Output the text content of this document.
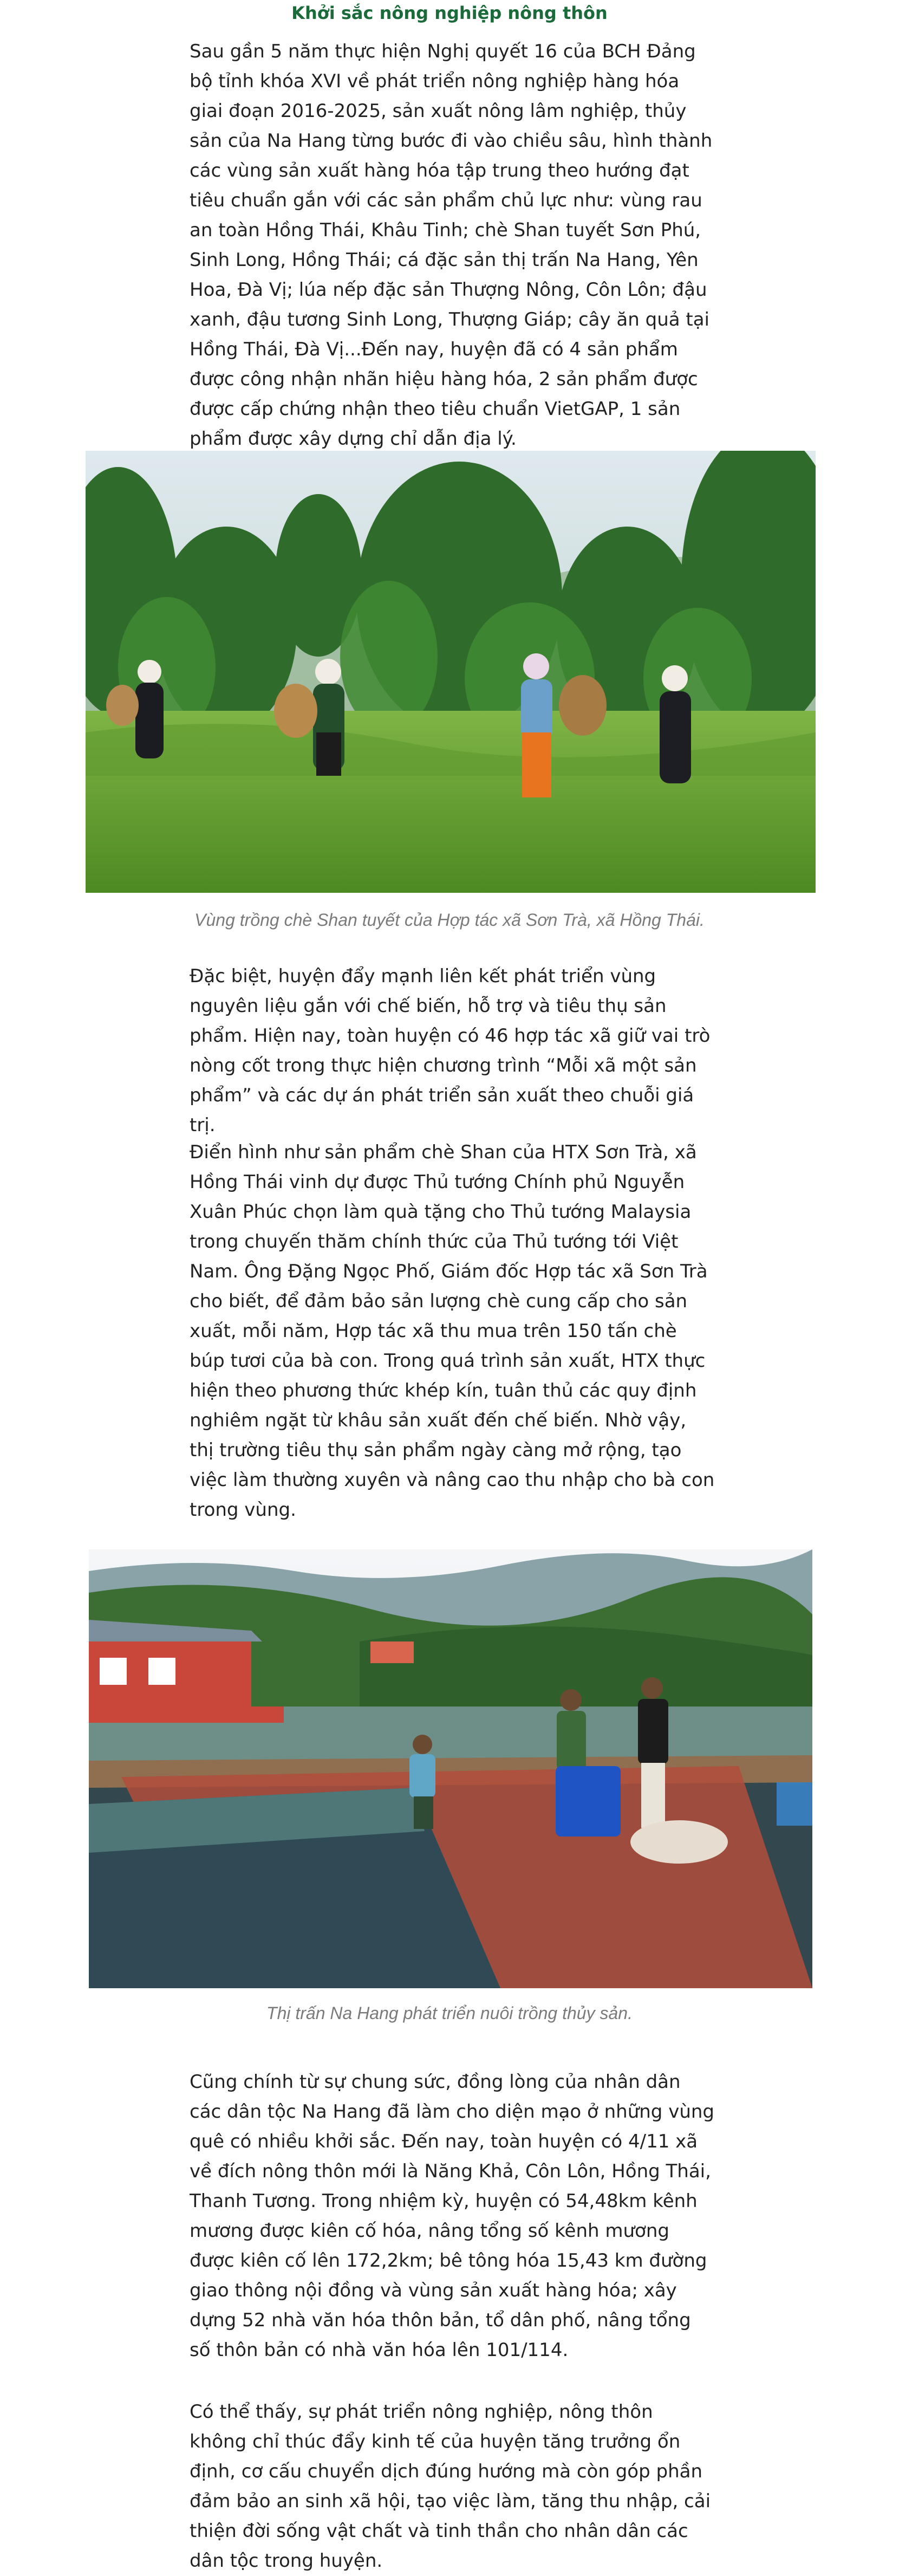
Khởi sắc nông nghiệp nông thôn

Sau gần 5 năm thực hiện Nghị quyết 16 của BCH Đảng bộ tỉnh khóa XVI về phát triển nông nghiệp hàng hóa giai đoạn 2016-2025, sản xuất nông lâm nghiệp, thủy sản của Na Hang từng bước đi vào chiều sâu, hình thành các vùng sản xuất hàng hóa tập trung theo hướng đạt tiêu chuẩn gắn với các sản phẩm chủ lực như: vùng rau an toàn Hồng Thái, Khâu Tinh; chè Shan tuyết Sơn Phú, Sinh Long, Hồng Thái; cá đặc sản thị trấn Na Hang, Yên Hoa, Đà Vị; lúa nếp đặc sản Thượng Nông, Côn Lôn; đậu xanh, đậu tương Sinh Long, Thượng Giáp; cây ăn quả tại Hồng Thái, Đà Vị...Đến nay, huyện đã có 4 sản phẩm được công nhận nhãn hiệu hàng hóa, 2 sản phẩm được được cấp chứng nhận theo tiêu chuẩn VietGAP, 1 sản phẩm được xây dựng chỉ dẫn địa lý.

Vùng trồng chè Shan tuyết của Hợp tác xã Sơn Trà, xã Hồng Thái.

Đặc biệt, huyện đẩy mạnh liên kết phát triển vùng nguyên liệu gắn với chế biến, hỗ trợ và tiêu thụ sản phẩm. Hiện nay, toàn huyện có 46 hợp tác xã giữ vai trò nòng cốt trong thực hiện chương trình “Mỗi xã một sản phẩm” và các dự án phát triển sản xuất theo chuỗi giá trị.

Điển hình như sản phẩm chè Shan của HTX Sơn Trà, xã Hồng Thái vinh dự được Thủ tướng Chính phủ Nguyễn Xuân Phúc chọn làm quà tặng cho Thủ tướng Malaysia trong chuyến thăm chính thức của Thủ tướng tới Việt Nam. Ông Đặng Ngọc Phố, Giám đốc Hợp tác xã Sơn Trà cho biết, để đảm bảo sản lượng chè cung cấp cho sản xuất, mỗi năm, Hợp tác xã thu mua trên 150 tấn chè búp tươi của bà con. Trong quá trình sản xuất, HTX thực hiện theo phương thức khép kín, tuân thủ các quy định nghiêm ngặt từ khâu sản xuất đến chế biến. Nhờ vậy, thị trường tiêu thụ sản phẩm ngày càng mở rộng, tạo việc làm thường xuyên và nâng cao thu nhập cho bà con trong vùng.

Thị trấn Na Hang phát triển nuôi trồng thủy sản.

Cũng chính từ sự chung sức, đồng lòng của nhân dân các dân tộc Na Hang đã làm cho diện mạo ở những vùng quê có nhiều khởi sắc. Đến nay, toàn huyện có 4/11 xã về đích nông thôn mới là Năng Khả, Côn Lôn, Hồng Thái, Thanh Tương. Trong nhiệm kỳ, huyện có 54,48km kênh mương được kiên cố hóa, nâng tổng số kênh mương được kiên cố lên 172,2km; bê tông hóa 15,43 km đường giao thông nội đồng và vùng sản xuất hàng hóa; xây dựng 52 nhà văn hóa thôn bản, tổ dân phố, nâng tổng số thôn bản có nhà văn hóa lên 101/114.

Có thể thấy, sự phát triển nông nghiệp, nông thôn không chỉ thúc đẩy kinh tế của huyện tăng trưởng ổn định, cơ cấu chuyển dịch đúng hướng mà còn góp phần đảm bảo an sinh xã hội, tạo việc làm, tăng thu nhập, cải thiện đời sống vật chất và tinh thần cho nhân dân các dân tộc trong huyện.
